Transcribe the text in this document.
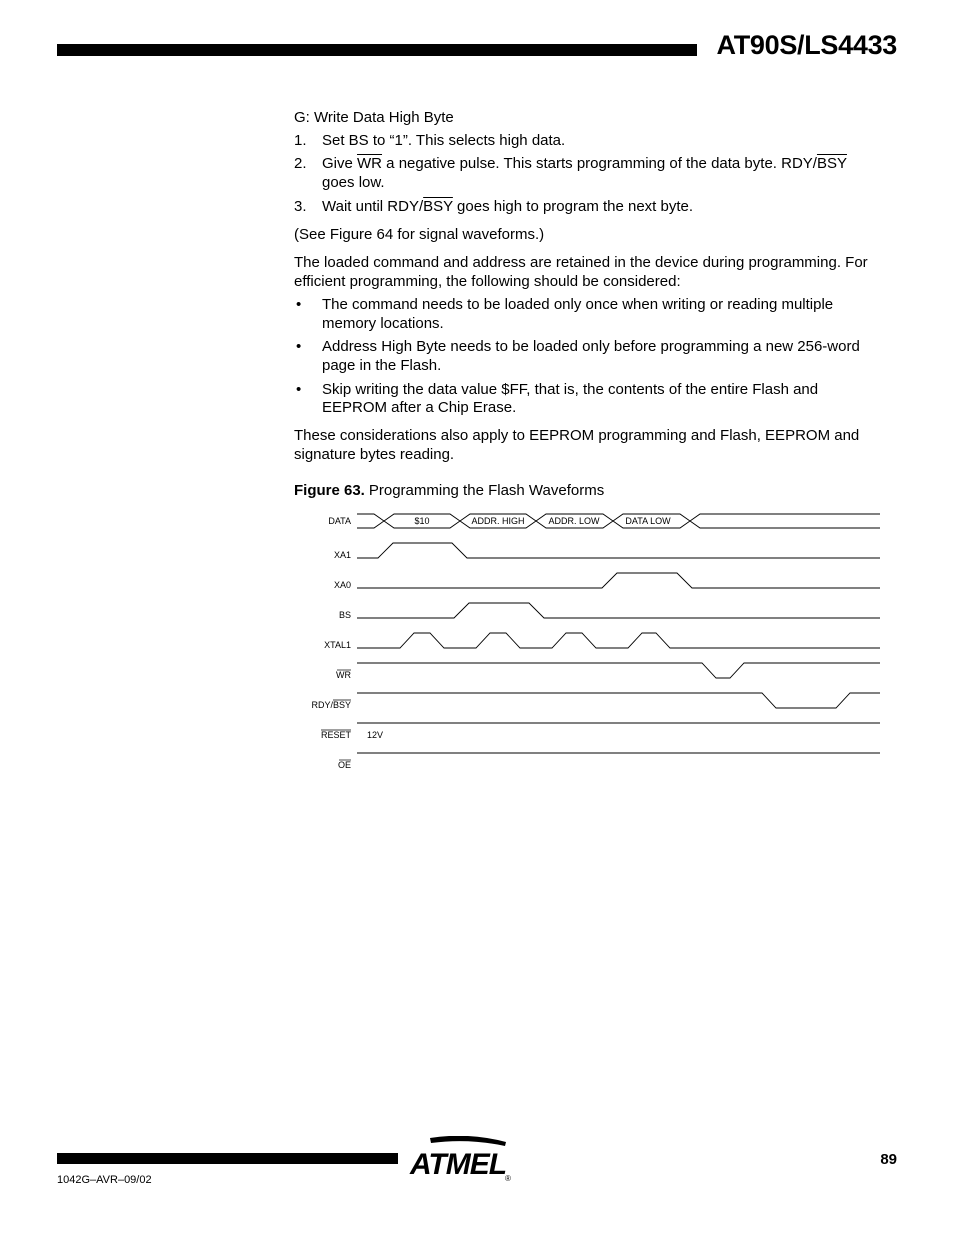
AT90S/LS4433
G: Write Data High Byte
1. Set BS to “1”. This selects high data.
2. Give $\overline{WR}$ a negative pulse. This starts programming of the data byte. RDY/$\overline{BSY}$
goes low.
3. Wait until RDY/$\overline{BSY}$ goes high to program the next byte.
(See Figure 64 for signal waveforms.)
The loaded command and address are retained in the device during programming. For
efficient programming, the following should be considered:
• The command needs to be loaded only once when writing or reading multiple
memory locations.
• Address High Byte needs to be loaded only before programming a new 256-word
page in the Flash.
• Skip writing the data value $FF, that is, the contents of the entire Flash and
EEPROM after a Chip Erase.
These considerations also apply to EEPROM programming and Flash, EEPROM and
signature bytes reading.
Figure 63. Programming the Flash Waveforms
DATA
XA1
XA0
BS
XTAL1
WR
RDY/BSY
RESET
OE
$10	ADDR. HIGH	ADDR. LOW	DATA LOW
12V
ATMEL
®
89
1042G–AVR–09/02
